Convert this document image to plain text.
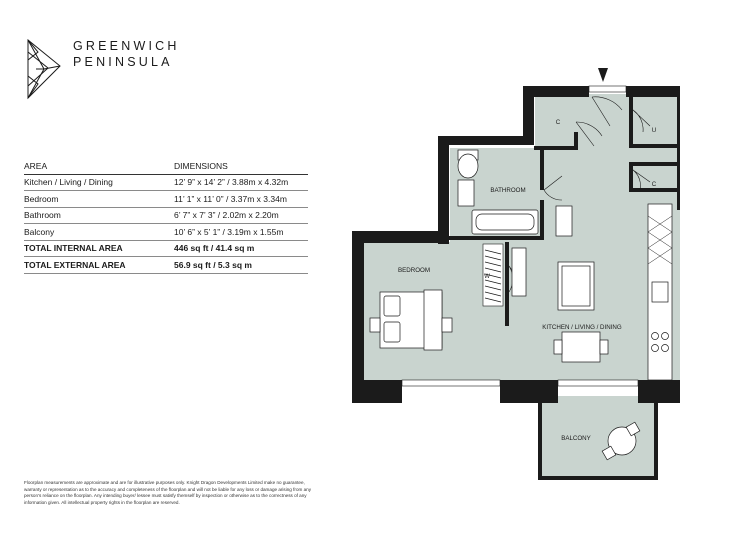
GREENWICH
PENINSULA
AREA	DIMENSIONS
Kitchen / Living / Dining	12’ 9” x 14’ 2” / 3.88m x 4.32m
Bedroom	11’ 1” x 11’ 0” / 3.37m x 3.34m
Bathroom	6’ 7” x 7’ 3” / 2.02m x 2.20m
Balcony	10’ 6” x 5’ 1” / 3.19m x 1.55m
TOTAL INTERNAL AREA	446 sq ft / 41.4 sq m
TOTAL EXTERNAL AREA	56.9 sq ft / 5.3 sq m
Floorplan measurements are approximate and are for illustrative purposes only. Knight Dragon Developments Limited make no guarantee, warranty or representation as to the accuracy and completeness of the floorplan and will not be liable for any loss or damage arising from any person’s reliance on the floorplan. Any intending buyer/ lessee must satisfy themself by inspection or otherwise as to the correctness of any information given. All intellectual property rights in the floorplan are reserved.
BEDROOM
BATHROOM
KITCHEN / LIVING / DINING
BALCONY
W
C
C
U
